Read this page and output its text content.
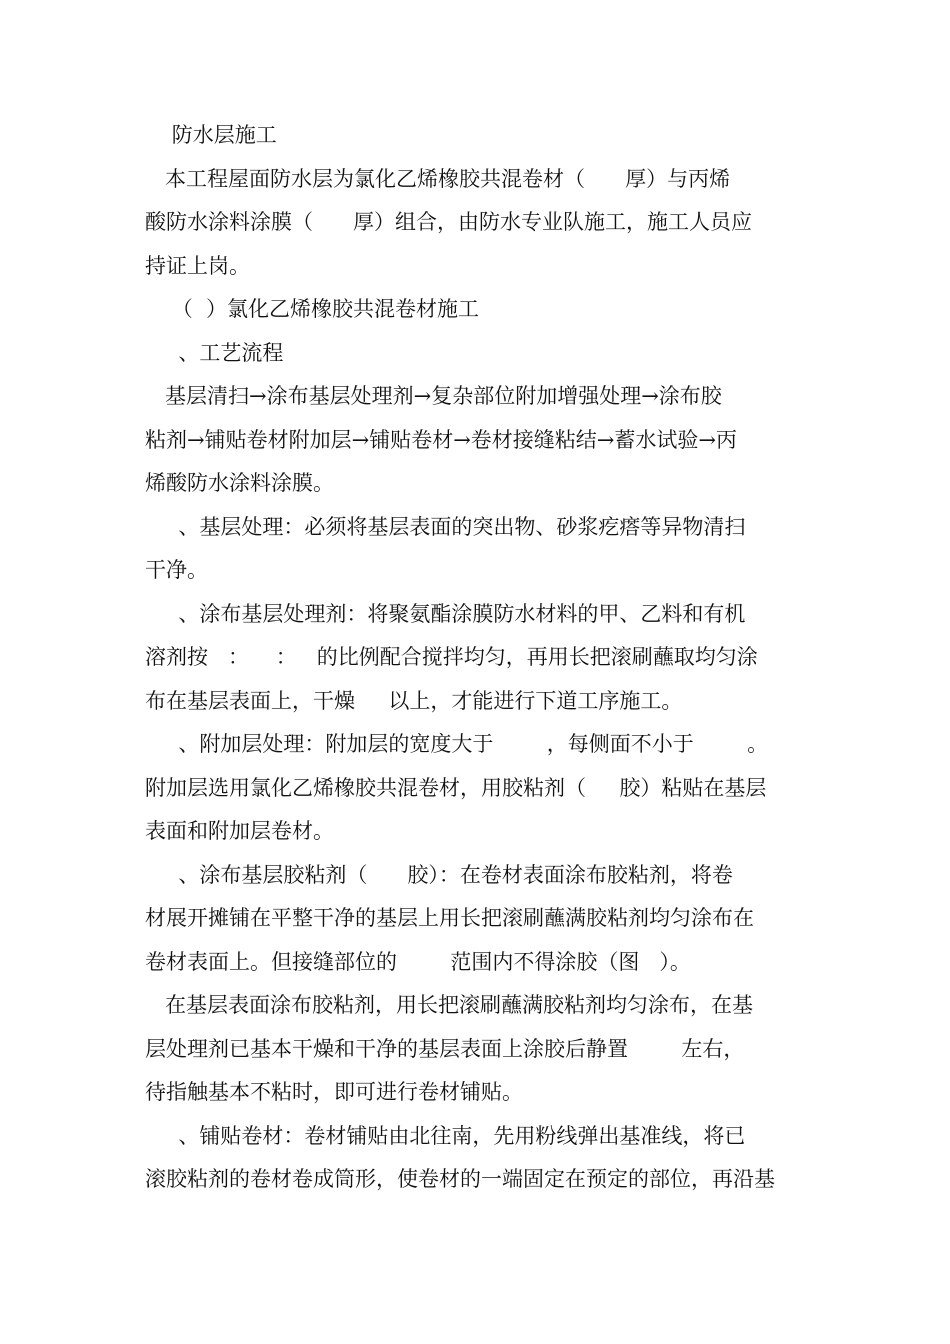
防水层施工

本工程屋面防水层为氯化乙烯橡胶共混卷材（      厚）与丙烯

酸防水涂料涂膜（      厚）组合，由防水专业队施工，施工人员应

持证上岗。

（  ）氯化乙烯橡胶共混卷材施工

、工艺流程

基层清扫→涂布基层处理剂→复杂部位附加增强处理→涂布胶

粘剂→铺贴卷材附加层→铺贴卷材→卷材接缝粘结→蓄水试验→丙

烯酸防水涂料涂膜。

、基层处理：必须将基层表面的突出物、砂浆疙瘩等异物清扫

干净。

、涂布基层处理剂：将聚氨酯涂膜防水材料的甲、乙料和有机

溶剂按   ：    ：   的比例配合搅拌均匀，再用长把滚刷蘸取均匀涂

布在基层表面上，干燥     以上，才能进行下道工序施工。

、附加层处理：附加层的宽度大于        ，每侧面不小于        。

附加层选用氯化乙烯橡胶共混卷材，用胶粘剂（     胶）粘贴在基层

表面和附加层卷材。

、涂布基层胶粘剂（      胶）：在卷材表面涂布胶粘剂，将卷

材展开摊铺在平整干净的基层上用长把滚刷蘸满胶粘剂均匀涂布在

卷材表面上。但接缝部位的        范围内不得涂胶（图   ）。

在基层表面涂布胶粘剂，用长把滚刷蘸满胶粘剂均匀涂布，在基

层处理剂已基本干燥和干净的基层表面上涂胶后静置        左右，

待指触基本不粘时，即可进行卷材铺贴。

、铺贴卷材：卷材铺贴由北往南，先用粉线弹出基准线，将已

滚胶粘剂的卷材卷成筒形，使卷材的一端固定在预定的部位，再沿基
